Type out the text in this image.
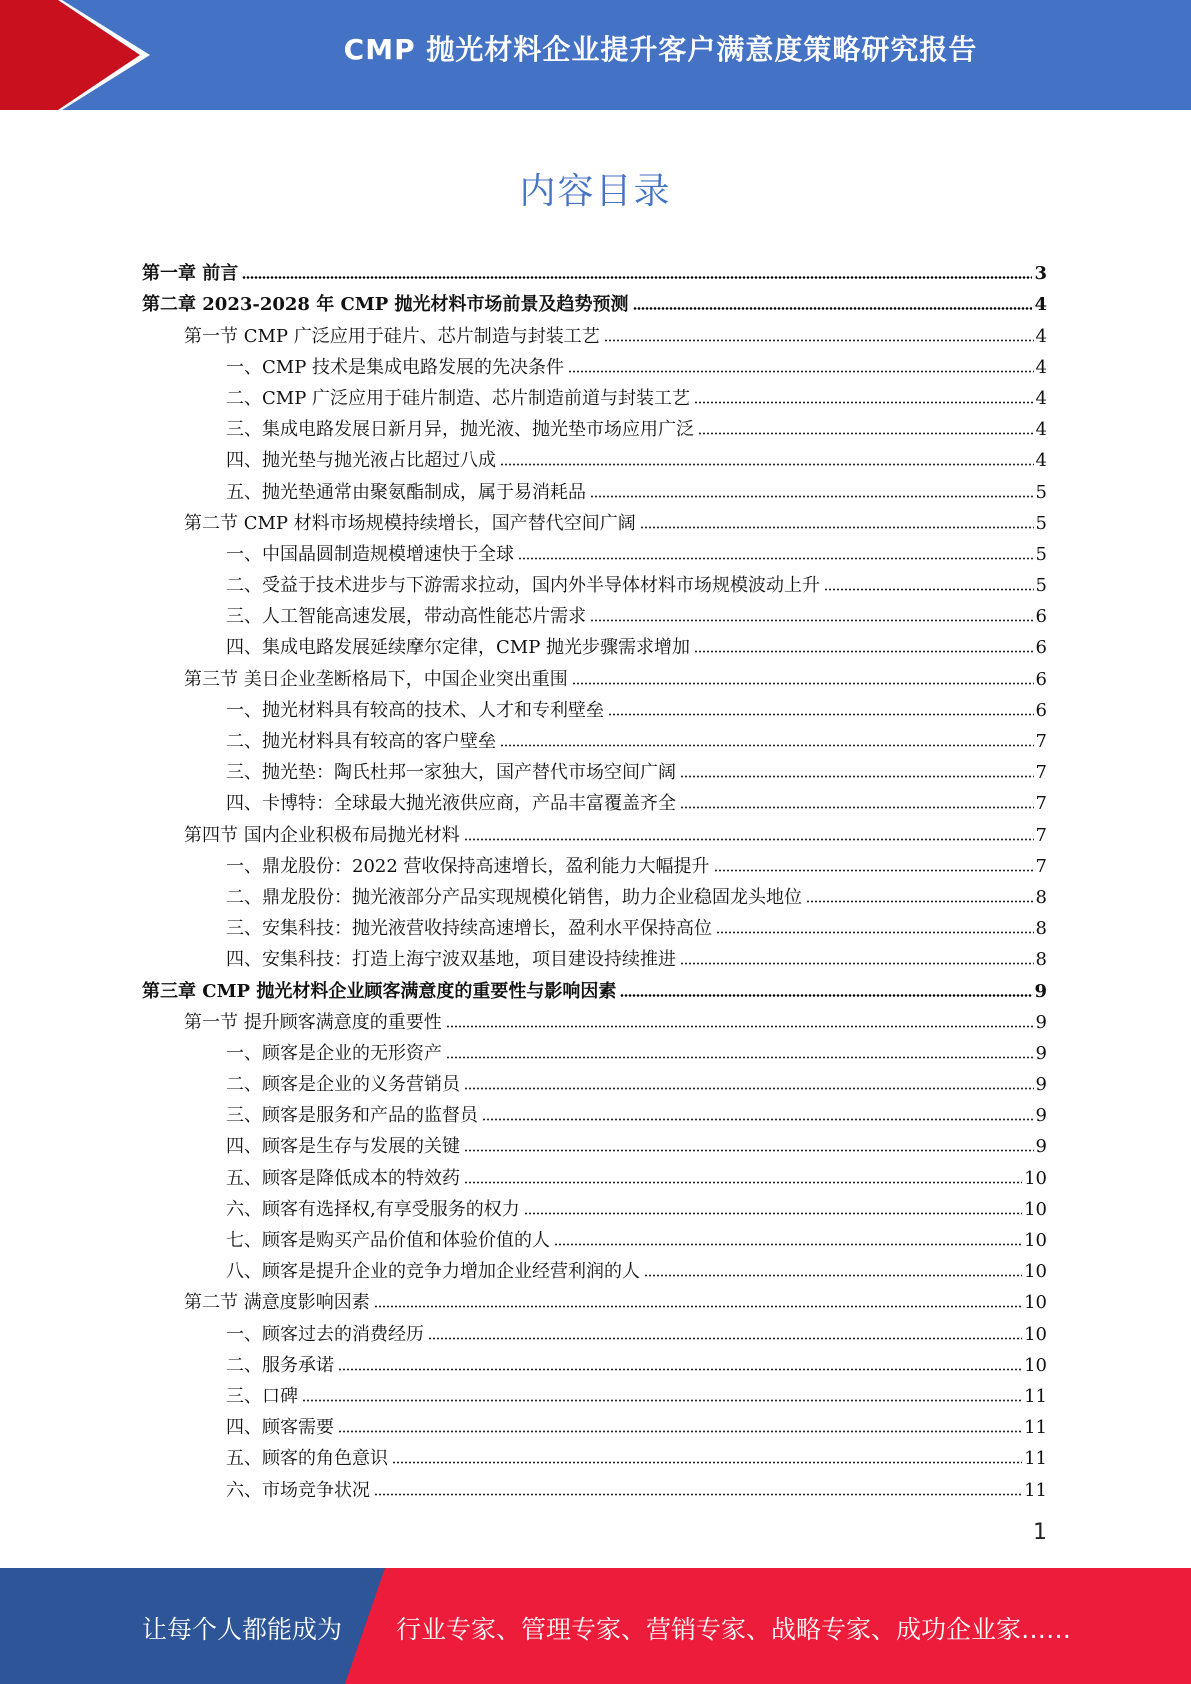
CMP 抛光材料企业提升客户满意度策略研究报告
内容目录
第一章 前言	3
第二章 2023-2028 年 CMP 抛光材料市场前景及趋势预测	4
第一节 CMP 广泛应用于硅片、芯片制造与封装工艺	4
一、CMP 技术是集成电路发展的先决条件	4
二、CMP 广泛应用于硅片制造、芯片制造前道与封装工艺	4
三、集成电路发展日新月异，抛光液、抛光垫市场应用广泛	4
四、抛光垫与抛光液占比超过八成	4
五、抛光垫通常由聚氨酯制成，属于易消耗品	5
第二节 CMP 材料市场规模持续增长，国产替代空间广阔	5
一、中国晶圆制造规模增速快于全球	5
二、受益于技术进步与下游需求拉动，国内外半导体材料市场规模波动上升	5
三、人工智能高速发展，带动高性能芯片需求	6
四、集成电路发展延续摩尔定律，CMP 抛光步骤需求增加	6
第三节 美日企业垄断格局下，中国企业突出重围	6
一、抛光材料具有较高的技术、人才和专利壁垒	6
二、抛光材料具有较高的客户壁垒	7
三、抛光垫：陶氏杜邦一家独大，国产替代市场空间广阔	7
四、卡博特：全球最大抛光液供应商，产品丰富覆盖齐全	7
第四节 国内企业积极布局抛光材料	7
一、鼎龙股份：2022 营收保持高速增长，盈利能力大幅提升	7
二、鼎龙股份：抛光液部分产品实现规模化销售，助力企业稳固龙头地位	8
三、安集科技：抛光液营收持续高速增长，盈利水平保持高位	8
四、安集科技：打造上海宁波双基地，项目建设持续推进	8
第三章 CMP 抛光材料企业顾客满意度的重要性与影响因素	9
第一节 提升顾客满意度的重要性	9
一、顾客是企业的无形资产	9
二、顾客是企业的义务营销员	9
三、顾客是服务和产品的监督员	9
四、顾客是生存与发展的关键	9
五、顾客是降低成本的特效药	10
六、顾客有选择权,有享受服务的权力	10
七、顾客是购买产品价值和体验价值的人	10
八、顾客是提升企业的竞争力增加企业经营利润的人	10
第二节 满意度影响因素	10
一、顾客过去的消费经历	10
二、服务承诺	10
三、口碑	11
四、顾客需要	11
五、顾客的角色意识	11
六、市场竞争状况	11
1
让每个人都能成为 行业专家、管理专家、营销专家、战略专家、成功企业家……
